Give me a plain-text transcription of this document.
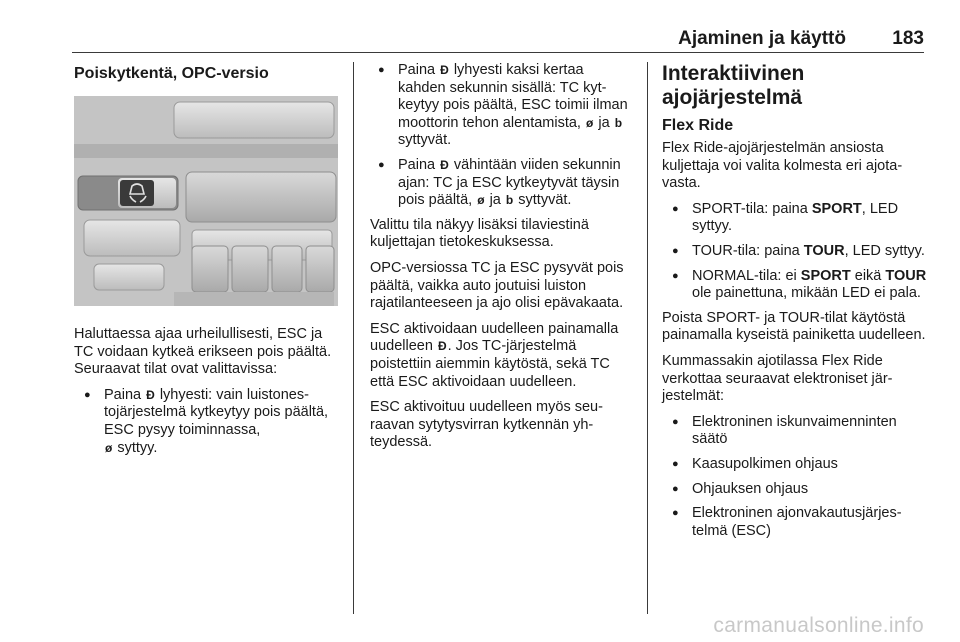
Ajaminen ja käyttö 183
Poiskytkentä, OPC-versio

Haluttaessa ajaa urheilullisesti, ESC ja TC voidaan kytkeä erikseen pois päältä. Seuraavat tilat ovat valittavissa:

● Paina Ð lyhyesti: vain luistonestojärjestelmä kytkeytyy pois päältä, ESC pysyy toiminnassa,
ø syttyy.
● Paina Ð lyhyesti kaksi kertaa kahden sekunnin sisällä: TC kytkeytyy pois päältä, ESC toimii ilman moottorin tehon alentamista, ø ja b syttyvät.
● Paina Ð vähintään viiden sekunnin ajan: TC ja ESC kytkeytyvät täysin pois päältä, ø ja b syttyvät.

Valittu tila näkyy lisäksi tilaviestinä kuljettajan tietokeskuksessa.

OPC-versiossa TC ja ESC pysyvät pois päältä, vaikka auto joutuisi luiston rajatilanteeseen ja ajo olisi epävakaata.

ESC aktivoidaan uudelleen painamalla uudelleen Ð. Jos TC-järjestelmä poistettiin aiemmin käytöstä, sekä TC että ESC aktivoidaan uudelleen.

ESC aktivoituu uudelleen myös seuraavan sytytysvirran kytkennän yhteydessä.

Interaktiivinen ajojärjestelmä
Flex Ride

Flex Ride-ajojärjestelmän ansiosta kuljettaja voi valita kolmesta eri ajotavasta.

● SPORT-tila: paina SPORT, LED syttyy.
● TOUR-tila: paina TOUR, LED syttyy.
● NORMAL-tila: ei SPORT eikä TOUR ole painettuna, mikään LED ei pala.

Poista SPORT- ja TOUR-tilat käytöstä painamalla kyseistä painiketta uudelleen.

Kummassakin ajotilassa Flex Ride verkottaa seuraavat elektroniset järjestelmät:

● Elektroninen iskunvaimenninten säätö
● Kaasupolkimen ohjaus
● Ohjauksen ohjaus
● Elektroninen ajonvakautusjärjestelmä (ESC)
carmanualsonline.info
